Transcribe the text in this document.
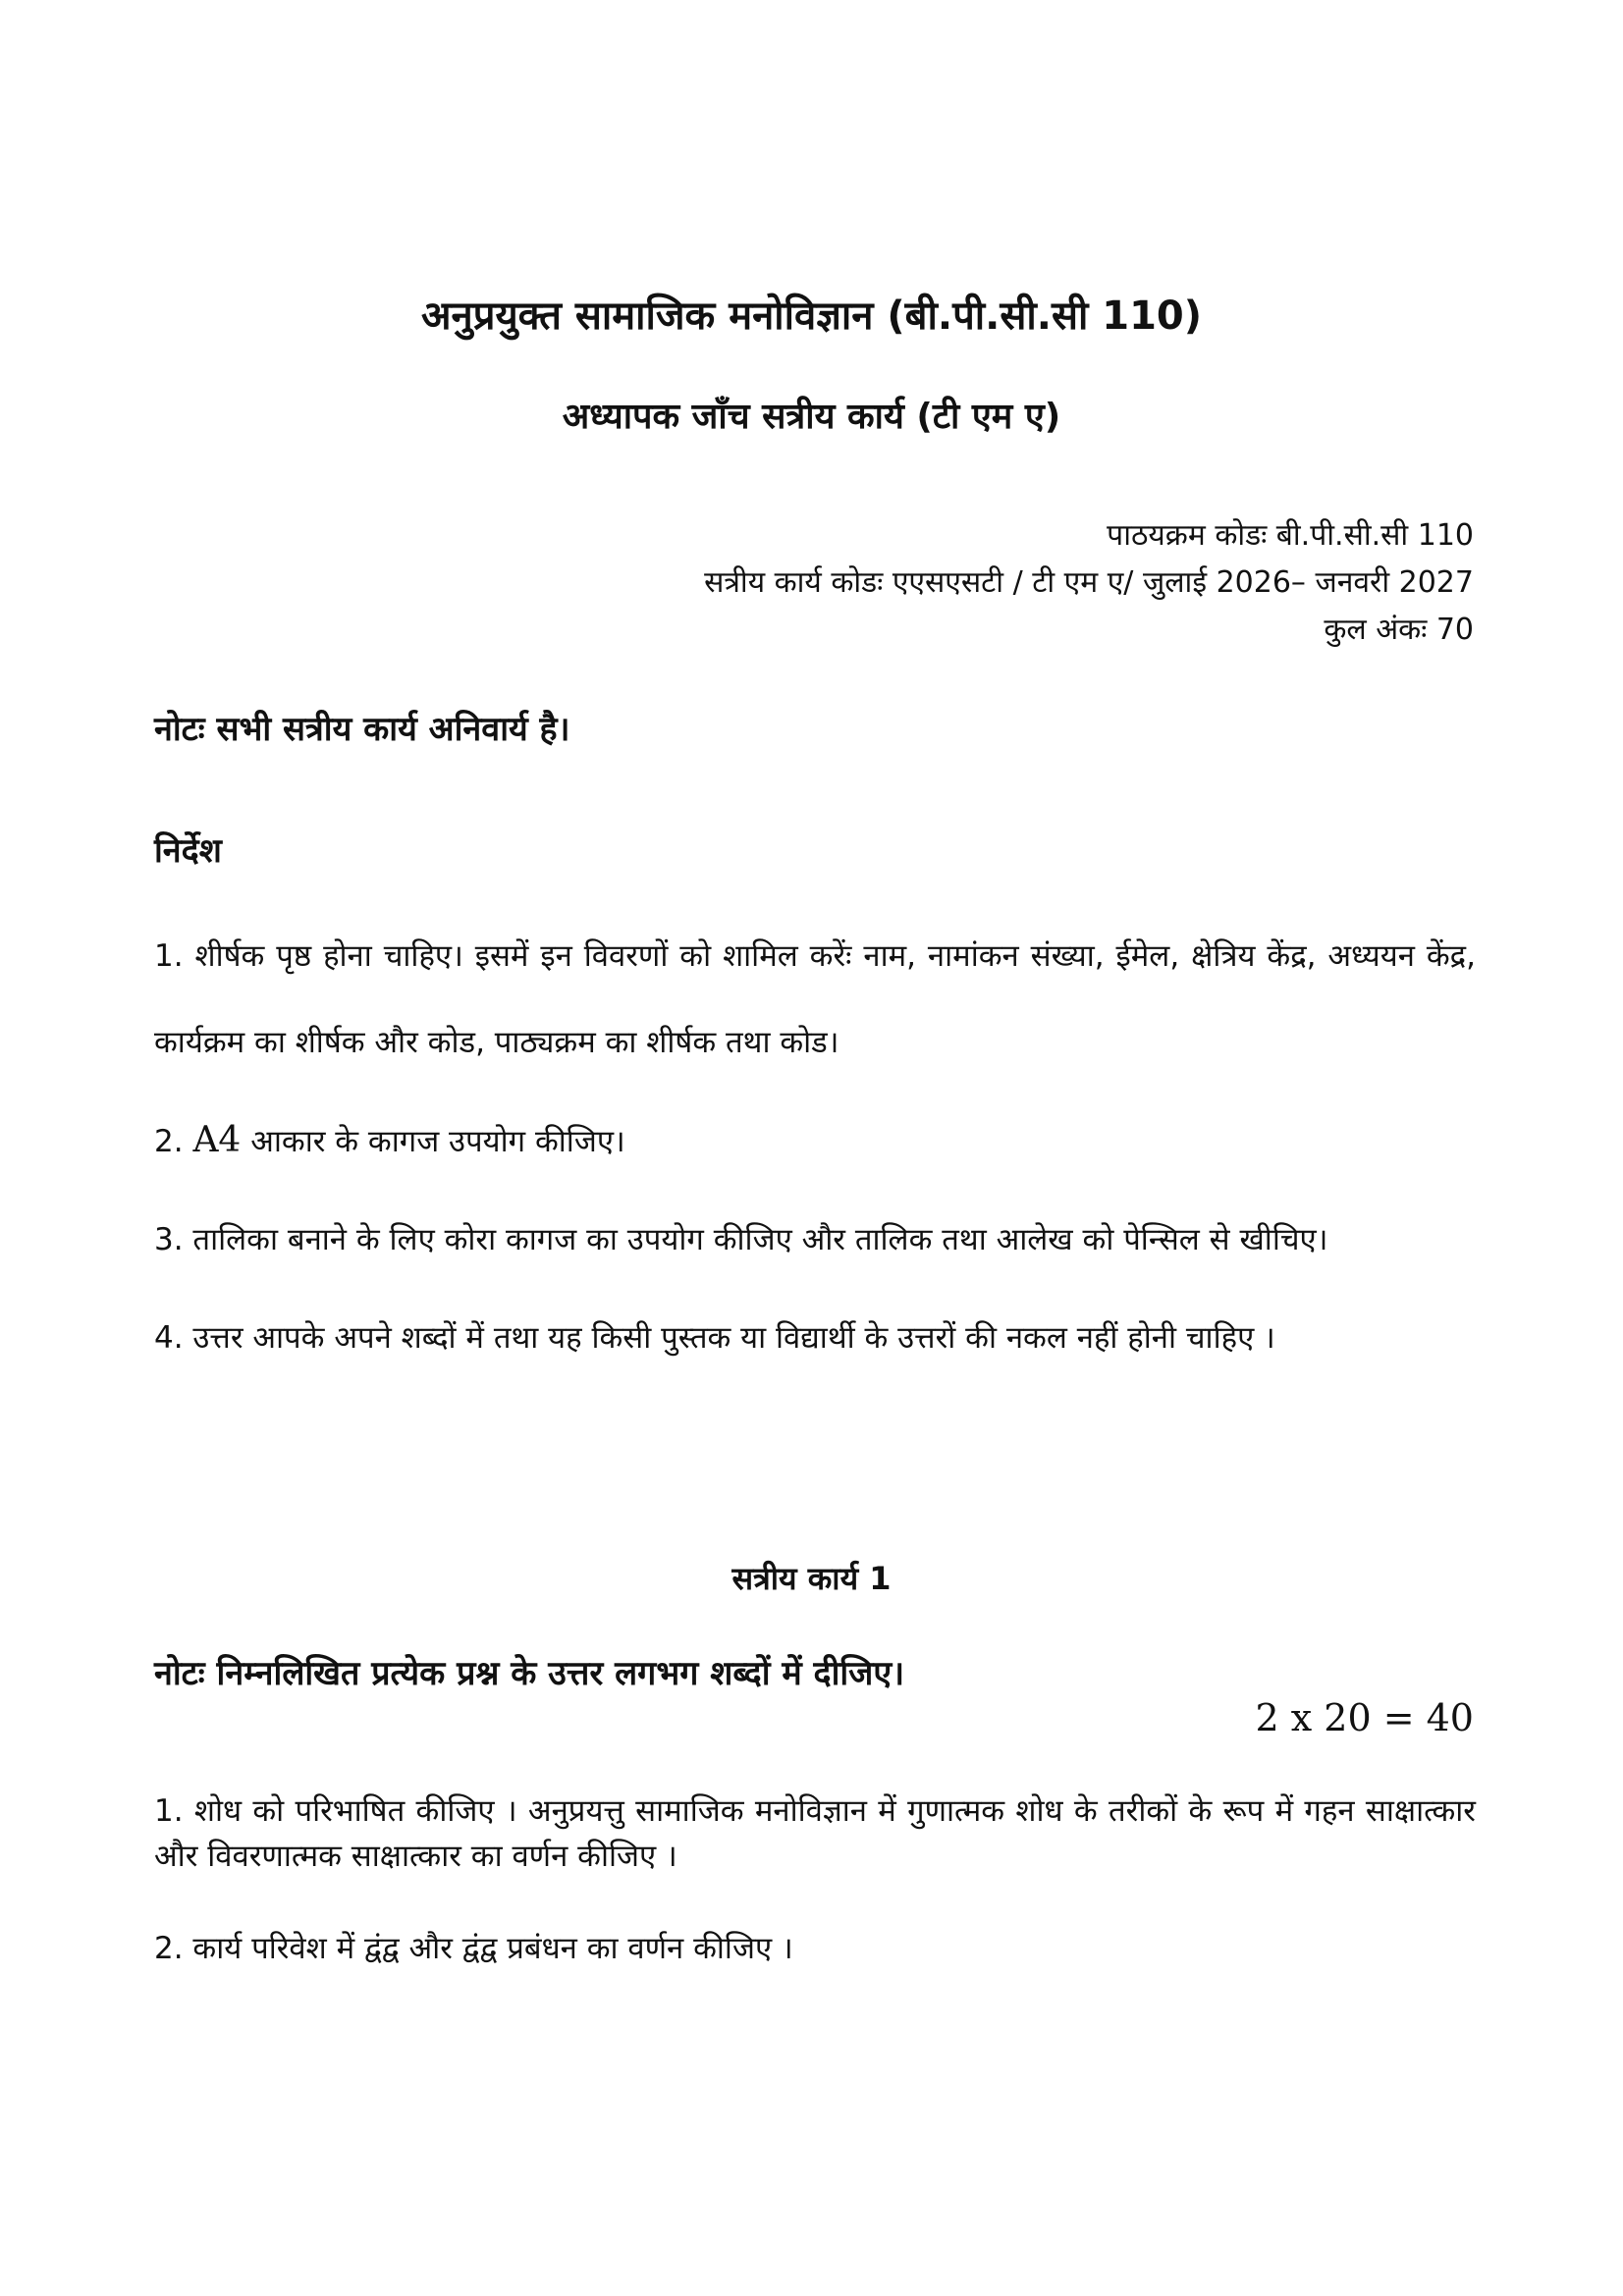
अनुप्रयुक्त सामाजिक मनोविज्ञान (बी.पी.सी.सी 110)
अध्यापक जाँच सत्रीय कार्य (टी एम ए)
पाठयक्रम कोडः बी.पी.सी.सी 110
सत्रीय कार्य कोडः एएसएसटी / टी एम ए/ जुलाई 2026– जनवरी 2027
कुल अंकः 70
नोटः सभी सत्रीय कार्य अनिवार्य है।
निर्देश

1. शीर्षक पृष्ठ होना चाहिए। इसमें इन विवरणों को शामिल करेंः नाम, नामांकन संख्या, ईमेल, क्षेत्रिय केंद्र, अध्ययन केंद्र, कार्यक्रम का शीर्षक और कोड, पाठ्यक्रम का शीर्षक तथा कोड।

2. A4 आकार के कागज उपयोग कीजिए।

3. तालिका बनाने के लिए कोरा कागज का उपयोग कीजिए और तालिक तथा आलेख को पेन्सिल से खीचिए।

4. उत्तर आपके अपने शब्दों में तथा यह किसी पुस्तक या विद्यार्थी के उत्तरों की नकल नहीं होनी चाहिए ।

सत्रीय कार्य 1
नोटः निम्नलिखित प्रत्येक प्रश्न के उत्तर लगभग शब्दों में दीजिए।
2 x 20 = 40

1. शोध को परिभाषित कीजिए । अनुप्रयत्तु सामाजिक मनोविज्ञान में गुणात्मक शोध के तरीकों के रूप में गहन साक्षात्कार और विवरणात्मक साक्षात्कार का वर्णन कीजिए ।

2. कार्य परिवेश में द्वंद्व और द्वंद्व प्रबंधन का वर्णन कीजिए ।
